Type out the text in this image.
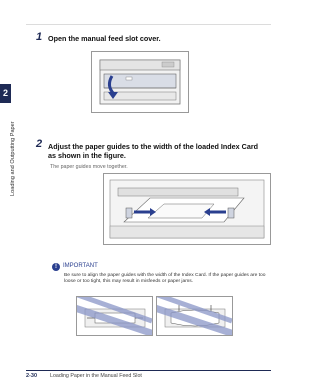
2
Loading and Outputting Paper
1 Open the manual feed slot cover.
2 Adjust the paper guides to the width of the loaded Index Card
as shown in the figure.
The paper guides move together.
!	IMPORTANT
Be sure to align the paper guides with the width of the Index Card. If the paper guides are too loose or too tight, this may result in misfeeds or paper jams.
2-30 Loading Paper in the Manual Feed Slot
